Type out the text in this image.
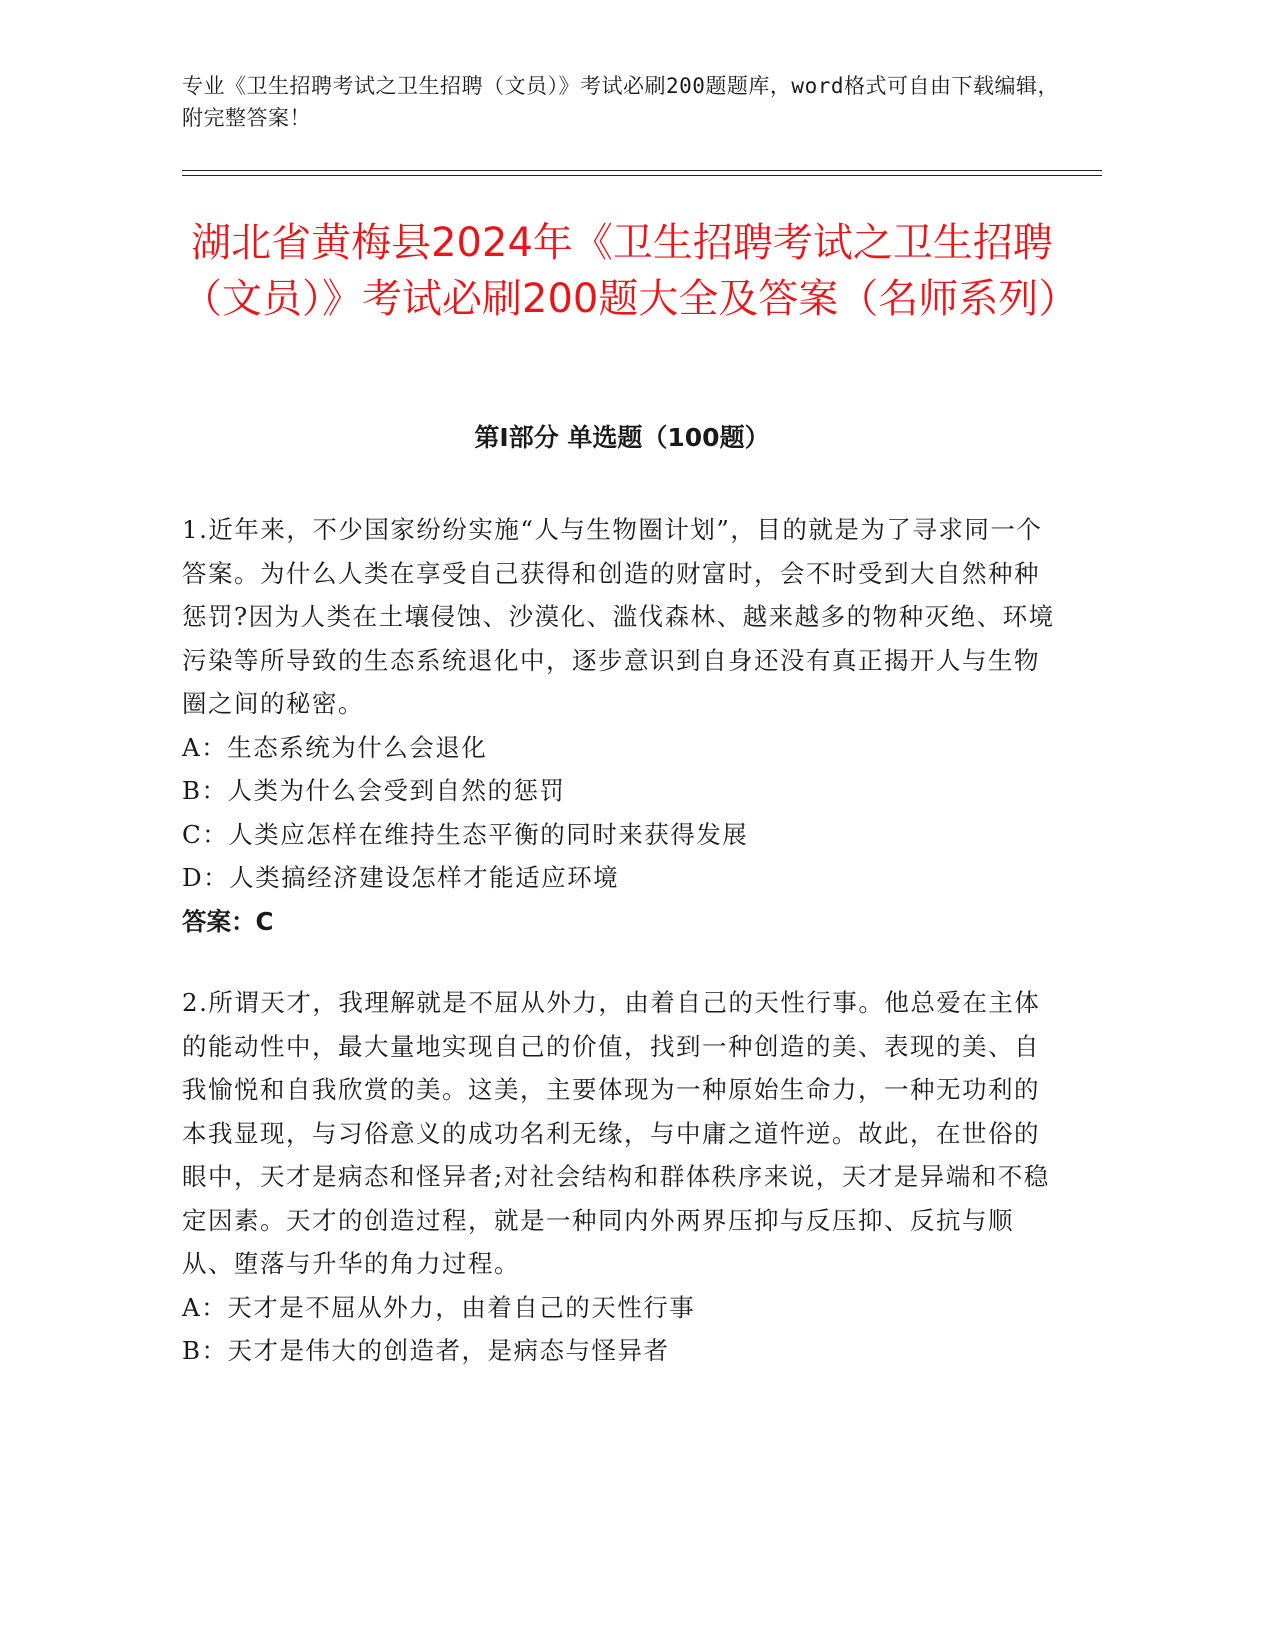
专业《卫生招聘考试之卫生招聘（文员）》考试必刷200题题库，word格式可自由下载编辑，附完整答案！
湖北省黄梅县2024年《卫生招聘考试之卫生招聘（文员）》考试必刷200题大全及答案（名师系列）
第Ⅰ部分 单选题（100题）

1.近年来，不少国家纷纷实施“人与生物圈计划”，目的就是为了寻求同一个答案。为什么人类在享受自己获得和创造的财富时，会不时受到大自然种种惩罚?因为人类在土壤侵蚀、沙漠化、滥伐森林、越来越多的物种灭绝、环境污染等所导致的生态系统退化中，逐步意识到自身还没有真正揭开人与生物圈之间的秘密。

A：生态系统为什么会退化

B：人类为什么会受到自然的惩罚

C：人类应怎样在维持生态平衡的同时来获得发展

D：人类搞经济建设怎样才能适应环境

答案：C

2.所谓天才，我理解就是不屈从外力，由着自己的天性行事。他总爱在主体的能动性中，最大量地实现自己的价值，找到一种创造的美、表现的美、自我愉悦和自我欣赏的美。这美，主要体现为一种原始生命力，一种无功利的本我显现，与习俗意义的成功名利无缘，与中庸之道忤逆。故此，在世俗的眼中，天才是病态和怪异者;对社会结构和群体秩序来说，天才是异端和不稳定因素。天才的创造过程，就是一种同内外两界压抑与反压抑、反抗与顺从、堕落与升华的角力过程。

A：天才是不屈从外力，由着自己的天性行事

B：天才是伟大的创造者，是病态与怪异者
